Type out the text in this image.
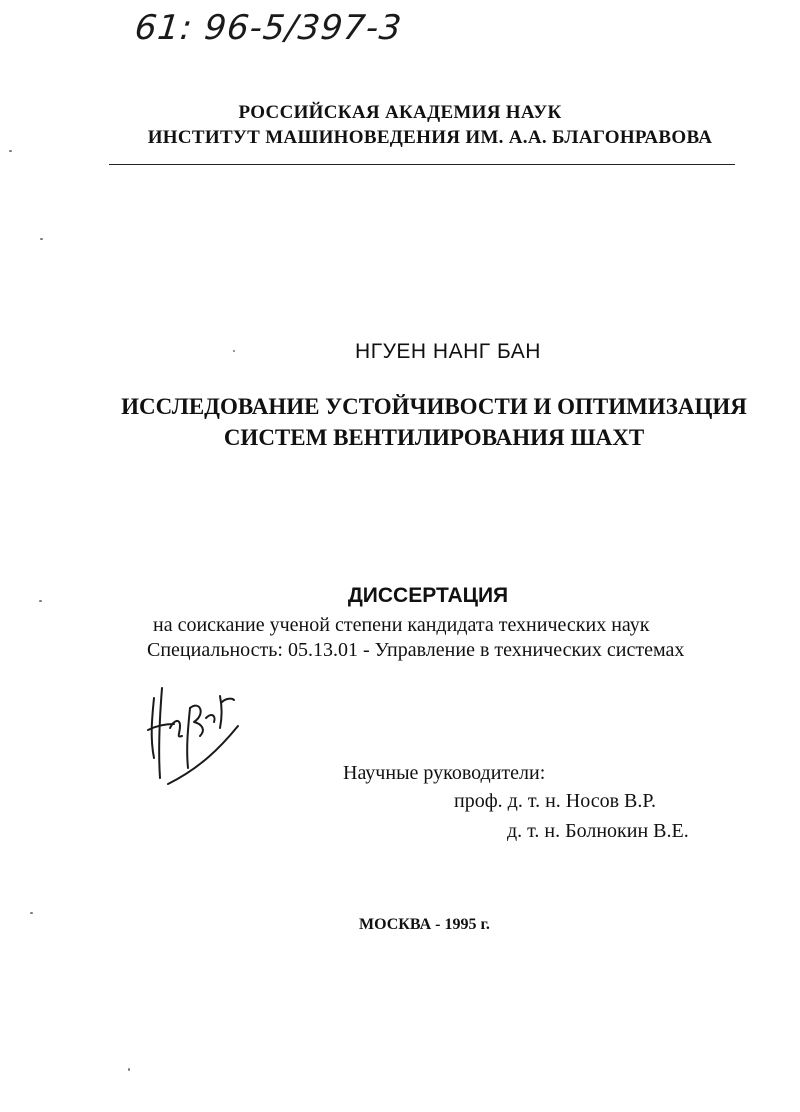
61: 96-5/397-3
РОССИЙСКАЯ АКАДЕМИЯ НАУК
ИНСТИТУТ МАШИНОВЕДЕНИЯ ИМ. А.А. БЛАГОНРАВОВА
НГУЕН НАНГ БАН
ИССЛЕДОВАНИЕ УСТОЙЧИВОСТИ И ОПТИМИЗАЦИЯ
СИСТЕМ ВЕНТИЛИРОВАНИЯ ШАХТ
ДИССЕРТАЦИЯ
на соискание ученой степени кандидата технических наук
Специальность: 05.13.01 - Управление в технических системах
Научные руководители:
проф. д. т. н. Носов В.Р.
д. т. н. Болнокин В.Е.
МОСКВА - 1995 г.
